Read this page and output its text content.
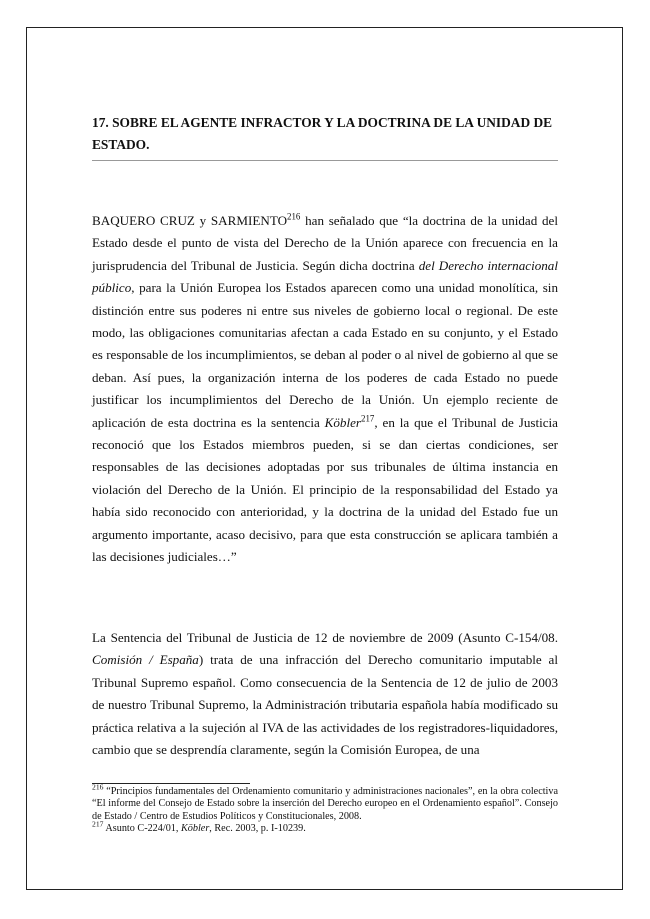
17. SOBRE EL AGENTE INFRACTOR Y LA DOCTRINA DE LA UNIDAD DE ESTADO.

BAQUERO CRUZ y SARMIENTO$^{216}$ han señalado que “la doctrina de la unidad del Estado desde el punto de vista del Derecho de la Unión aparece con frecuencia en la jurisprudencia del Tribunal de Justicia. Según dicha doctrina del Derecho internacional público, para la Unión Europea los Estados aparecen como una unidad monolítica, sin distinción entre sus poderes ni entre sus niveles de gobierno local o regional. De este modo, las obligaciones comunitarias afectan a cada Estado en su conjunto, y el Estado es responsable de los incumplimientos, se deban al poder o al nivel de gobierno al que se deban. Así pues, la organización interna de los poderes de cada Estado no puede justificar los incumplimientos del Derecho de la Unión. Un ejemplo reciente de aplicación de esta doctrina es la sentencia Köbler$^{217}$, en la que el Tribunal de Justicia reconoció que los Estados miembros pueden, si se dan ciertas condiciones, ser responsables de las decisiones adoptadas por sus tribunales de última instancia en violación del Derecho de la Unión. El principio de la responsabilidad del Estado ya había sido reconocido con anterioridad, y la doctrina de la unidad del Estado fue un argumento importante, acaso decisivo, para que esta construcción se aplicara también a las decisiones judiciales…”

La Sentencia del Tribunal de Justicia de 12 de noviembre de 2009 (Asunto C-154/08. Comisión / España) trata de una infracción del Derecho comunitario imputable al Tribunal Supremo español. Como consecuencia de la Sentencia de 12 de julio de 2003 de nuestro Tribunal Supremo, la Administración tributaria española había modificado su práctica relativa a la sujeción al IVA de las actividades de los registradores-liquidadores, cambio que se desprendía claramente, según la Comisión Europea, de una

$^{216}$ “Principios fundamentales del Ordenamiento comunitario y administraciones nacionales”, en la obra colectiva “El informe del Consejo de Estado sobre la inserción del Derecho europeo en el Ordenamiento español”. Consejo de Estado / Centro de Estudios Políticos y Constitucionales, 2008.

$^{217}$ Asunto C-224/01, Köbler, Rec. 2003, p. I-10239.
